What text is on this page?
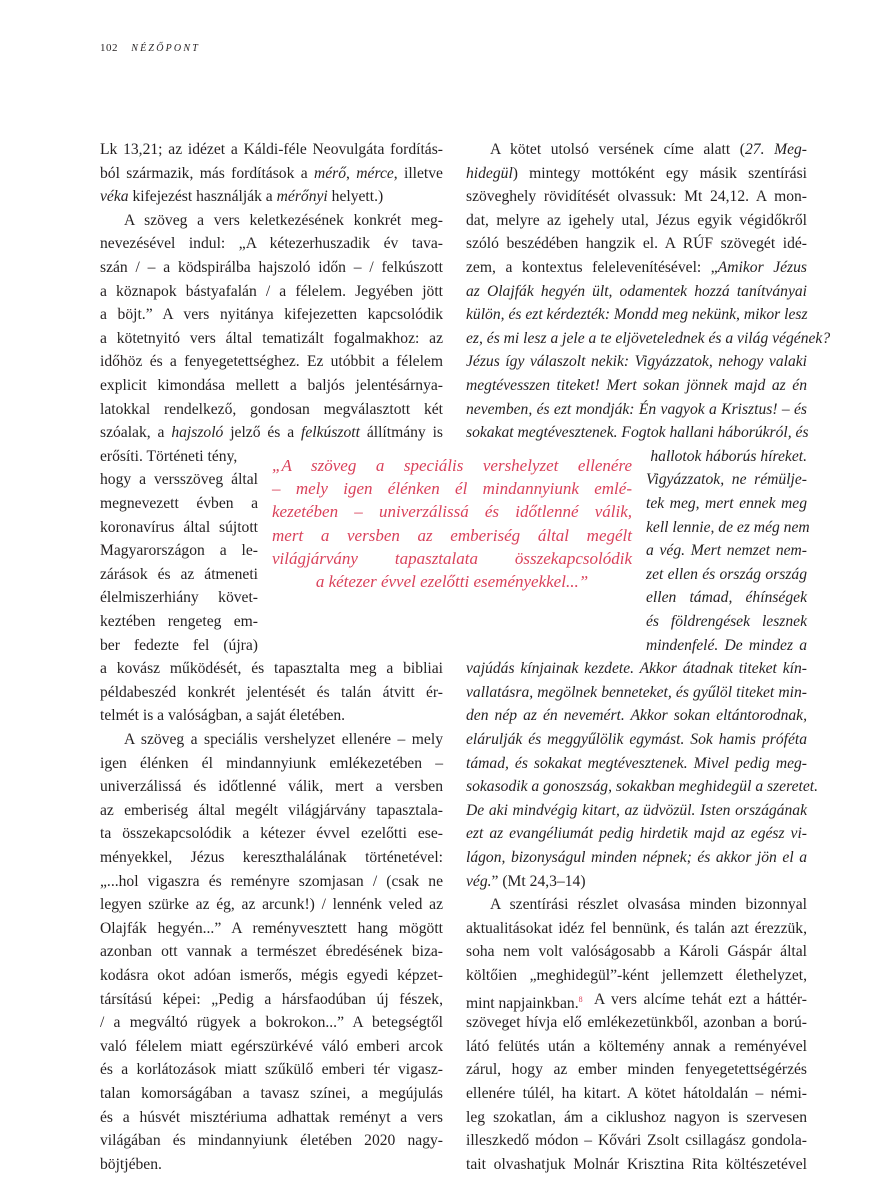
102 NÉZŐPONT
Lk 13,21; az idézet a Káldi-féle Neovulgáta fordítás-
ból származik, más fordítások a mérő, mérce, illetve
véka kifejezést használják a mérőnyi helyett.)
A szöveg a vers keletkezésének konkrét meg-
nevezésével indul: „A kétezerhuszadik év tava-
szán / – a ködspirálba hajszoló időn – / felkúszott
a köznapok bástyafalán / a félelem. Jegyében jött
a böjt.” A vers nyitánya kifejezetten kapcsolódik
a kötetnyitó vers által tematizált fogalmakhoz: az
időhöz és a fenyegetettséghez. Ez utóbbit a félelem
explicit kimondása mellett a baljós jelentésárnya-
latokkal rendelkező, gondosan megválasztott két
szóalak, a hajszoló jelző és a felkúszott állítmány is
erősíti. Történeti tény,
hogy a versszöveg által
megnevezett évben a
koronavírus által sújtott
Magyarországon a le-
zárások és az átmeneti
élelmiszerhiány követ-
keztében rengeteg em-
ber fedezte fel (újra)
a kovász működését, és tapasztalta meg a bibliai
példabeszéd konkrét jelentését és talán átvitt ér-
telmét is a valóságban, a saját életében.
A szöveg a speciális vershelyzet ellenére – mely
igen élénken él mindannyiunk emlékezetében –
univerzálissá és időtlenné válik, mert a versben
az emberiség által megélt világjárvány tapasztala-
ta összekapcsolódik a kétezer évvel ezelőtti ese-
ményekkel, Jézus kereszthalálának történetével:
„...hol vigaszra és reményre szomjasan / (csak ne
legyen szürke az ég, az arcunk!) / lennénk veled az
Olajfák hegyén...” A reményvesztett hang mögött
azonban ott vannak a természet ébredésének biza-
kodásra okot adóan ismerős, mégis egyedi képzet-
társítású képei: „Pedig a hársfaodúban új fészek,
/ a megváltó rügyek a bokrokon...” A betegségtől
való félelem miatt egérszürkévé váló emberi arcok
és a korlátozások miatt szűkülő emberi tér vigasz-
talan komorságában a tavasz színei, a megújulás
és a húsvét misztériuma adhattak reményt a vers
világában és mindannyiunk életében 2020 nagy-
böjtjében.
„A szöveg a speciális vershelyzet ellenére
– mely igen élénken él mindannyiunk emlé-
kezetében – univerzálissá és időtlenné válik,
mert a versben az emberiség által megélt
világjárvány tapasztalata összekapcsolódik
a kétezer évvel ezelőtti eseményekkel...”
A kötet utolsó versének címe alatt (27. Meg-
hidegül) mintegy mottóként egy másik szentírási
szöveghely rövidítését olvassuk: Mt 24,12. A mon-
dat, melyre az igehely utal, Jézus egyik végidőkről
szóló beszédében hangzik el. A RÚF szövegét idé-
zem, a kontextus felelevenítésével: „Amikor Jézus
az Olajfák hegyén ült, odamentek hozzá tanítványai
külön, és ezt kérdezték: Mondd meg nekünk, mikor lesz
ez, és mi lesz a jele a te eljövetelednek és a világ végének?
Jézus így válaszolt nekik: Vigyázzatok, nehogy valaki
megtévesszen titeket! Mert sokan jönnek majd az én
nevemben, és ezt mondják: Én vagyok a Krisztus! – és
sokakat megtévesztenek. Fogtok hallani háborúkról, és
hallotok háborús híreket.
Vigyázzatok, ne rémülje-
tek meg, mert ennek meg
kell lennie, de ez még nem
a vég. Mert nemzet nem-
zet ellen és ország ország
ellen támad, éhínségek
és földrengések lesznek
mindenfelé. De mindez a
vajúdás kínjainak kezdete. Akkor átadnak titeket kín-
vallatásra, megölnek benneteket, és gyűlöl titeket min-
den nép az én nevemért. Akkor sokan eltántorodnak,
elárulják és meggyűlölik egymást. Sok hamis próféta
támad, és sokakat megtévesztenek. Mivel pedig meg-
sokasodik a gonoszság, sokakban meghidegül a szeretet.
De aki mindvégig kitart, az üdvözül. Isten országának
ezt az evangéliumát pedig hirdetik majd az egész vi-
lágon, bizonyságul minden népnek; és akkor jön el a
vég.” (Mt 24,3–14)
A szentírási részlet olvasása minden bizonnyal
aktualitásokat idéz fel bennünk, és talán azt érezzük,
soha nem volt valóságosabb a Károli Gáspár által
költőien „meghidegül”-ként jellemzett élethelyzet,
mint napjainkban.$^8$ A vers alcíme tehát ezt a háttér-
szöveget hívja elő emlékezetünkből, azonban a ború-
látó felütés után a költemény annak a reményével
zárul, hogy az ember minden fenyegetettségérzés
ellenére túlél, ha kitart. A kötet hátoldalán – némi-
leg szokatlan, ám a ciklushoz nagyon is szervesen
illeszkedő módon – Kővári Zsolt csillagász gondola-
tait olvashatjuk Molnár Krisztina Rita költészetével
